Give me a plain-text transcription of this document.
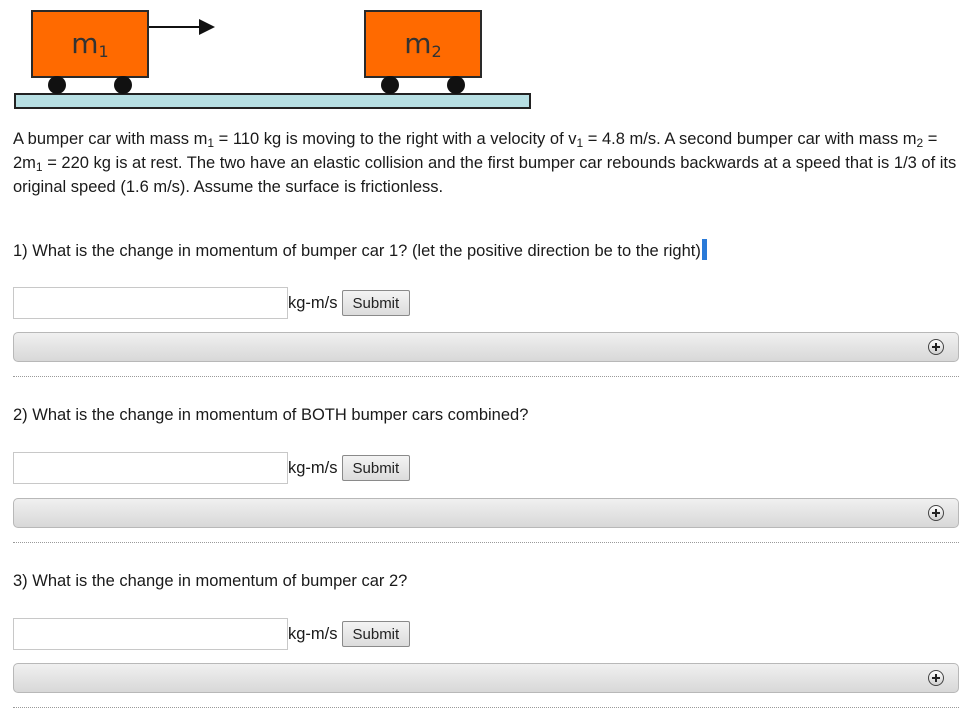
$m_1$	$m_2$

A bumper car with mass $m_1 = 110$ kg is moving to the right with a velocity of $v_1 = 4.8$ m/s. A second bumper car with mass $m_2 = 2m_1 = 220$ kg is at rest. The two have an elastic collision and the first bumper car rebounds backwards at a speed that is 1/3 of its original speed (1.6 m/s). Assume the surface is frictionless.

1) What is the change in momentum of bumper car 1? (let the positive direction be to the right)

kg-m/s	Submit

2) What is the change in momentum of BOTH bumper cars combined?

kg-m/s	Submit

3) What is the change in momentum of bumper car 2?

kg-m/s	Submit
